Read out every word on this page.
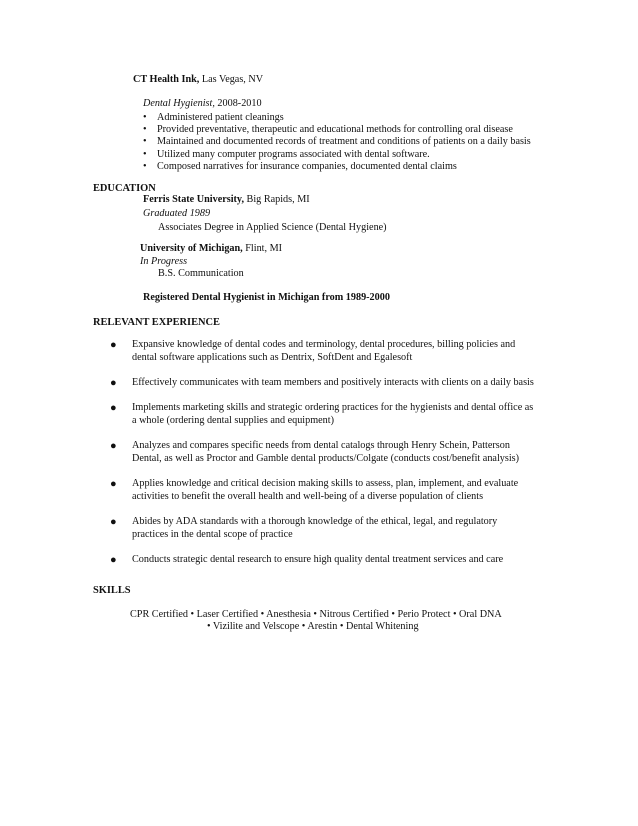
CT Health Ink, Las Vegas, NV
Dental Hygienist, 2008-2010
• Administered patient cleanings
• Provided preventative, therapeutic and educational methods for controlling oral disease
• Maintained and documented records of treatment and conditions of patients on a daily basis
• Utilized many computer programs associated with dental software.
• Composed narratives for insurance companies, documented dental claims
EDUCATION
Ferris State University, Big Rapids, MI
Graduated 1989
Associates Degree in Applied Science (Dental Hygiene)
University of Michigan, Flint, MI
In Progress
B.S. Communication
Registered Dental Hygienist in Michigan from 1989-2000
RELEVANT EXPERIENCE
● Expansive knowledge of dental codes and terminology, dental procedures, billing policies and
dental software applications such as Dentrix, SoftDent and Egalesoft
● Effectively communicates with team members and positively interacts with clients on a daily basis
● Implements marketing skills and strategic ordering practices for the hygienists and dental office as
a whole (ordering dental supplies and equipment)
● Analyzes and compares specific needs from dental catalogs through Henry Schein, Patterson
Dental, as well as Proctor and Gamble dental products/Colgate (conducts cost/benefit analysis)
● Applies knowledge and critical decision making skills to assess, plan, implement, and evaluate
activities to benefit the overall health and well-being of a diverse population of clients
● Abides by ADA standards with a thorough knowledge of the ethical, legal, and regulatory
practices in the dental scope of practice
● Conducts strategic dental research to ensure high quality dental treatment services and care
SKILLS
CPR Certified • Laser Certified • Anesthesia • Nitrous Certified • Perio Protect • Oral DNA
• Vizilite and Velscope • Arestin • Dental Whitening
